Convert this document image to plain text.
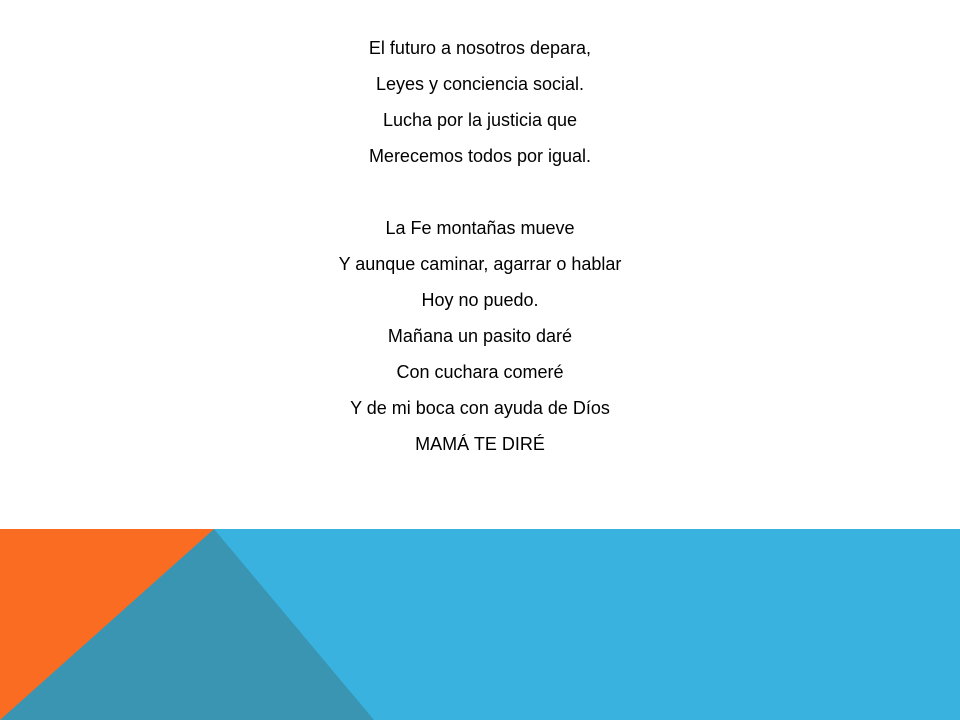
El futuro a nosotros depara,
Leyes y conciencia social.
Lucha por la justicia que
Merecemos todos por igual.

La Fe montañas mueve
Y aunque caminar, agarrar o hablar
Hoy no puedo.
Mañana un pasito daré
Con cuchara comeré
Y de mi boca con ayuda de Díos
MAMÁ TE DIRÉ
